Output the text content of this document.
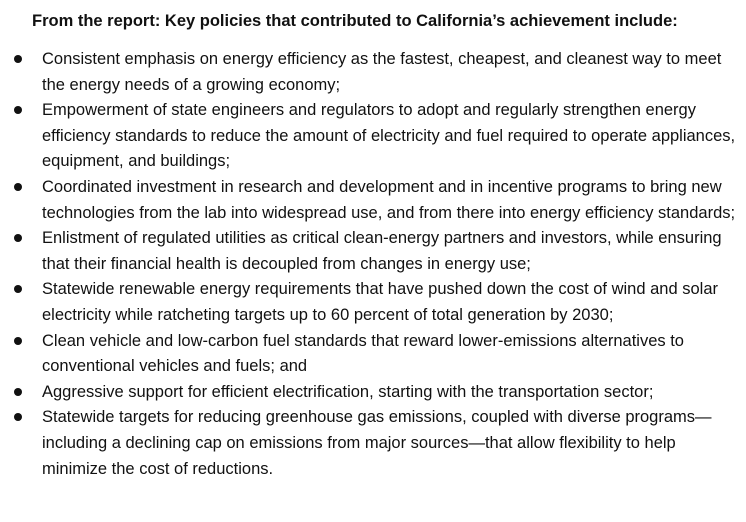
From the report: Key policies that contributed to California’s achievement include:
Consistent emphasis on energy efficiency as the fastest, cheapest, and cleanest way to meet the energy needs of a growing economy;
Empowerment of state engineers and regulators to adopt and regularly strengthen energy efficiency standards to reduce the amount of electricity and fuel required to operate appliances, equipment, and buildings;
Coordinated investment in research and development and in incentive programs to bring new technologies from the lab into widespread use, and from there into energy efficiency standards;
Enlistment of regulated utilities as critical clean-energy partners and investors, while ensuring that their financial health is decoupled from changes in energy use;
Statewide renewable energy requirements that have pushed down the cost of wind and solar electricity while ratcheting targets up to 60 percent of total generation by 2030;
Clean vehicle and low-carbon fuel standards that reward lower-emissions alternatives to conventional vehicles and fuels; and
Aggressive support for efficient electrification, starting with the transportation sector;
Statewide targets for reducing greenhouse gas emissions, coupled with diverse programs—including a declining cap on emissions from major sources—that allow flexibility to help minimize the cost of reductions.
